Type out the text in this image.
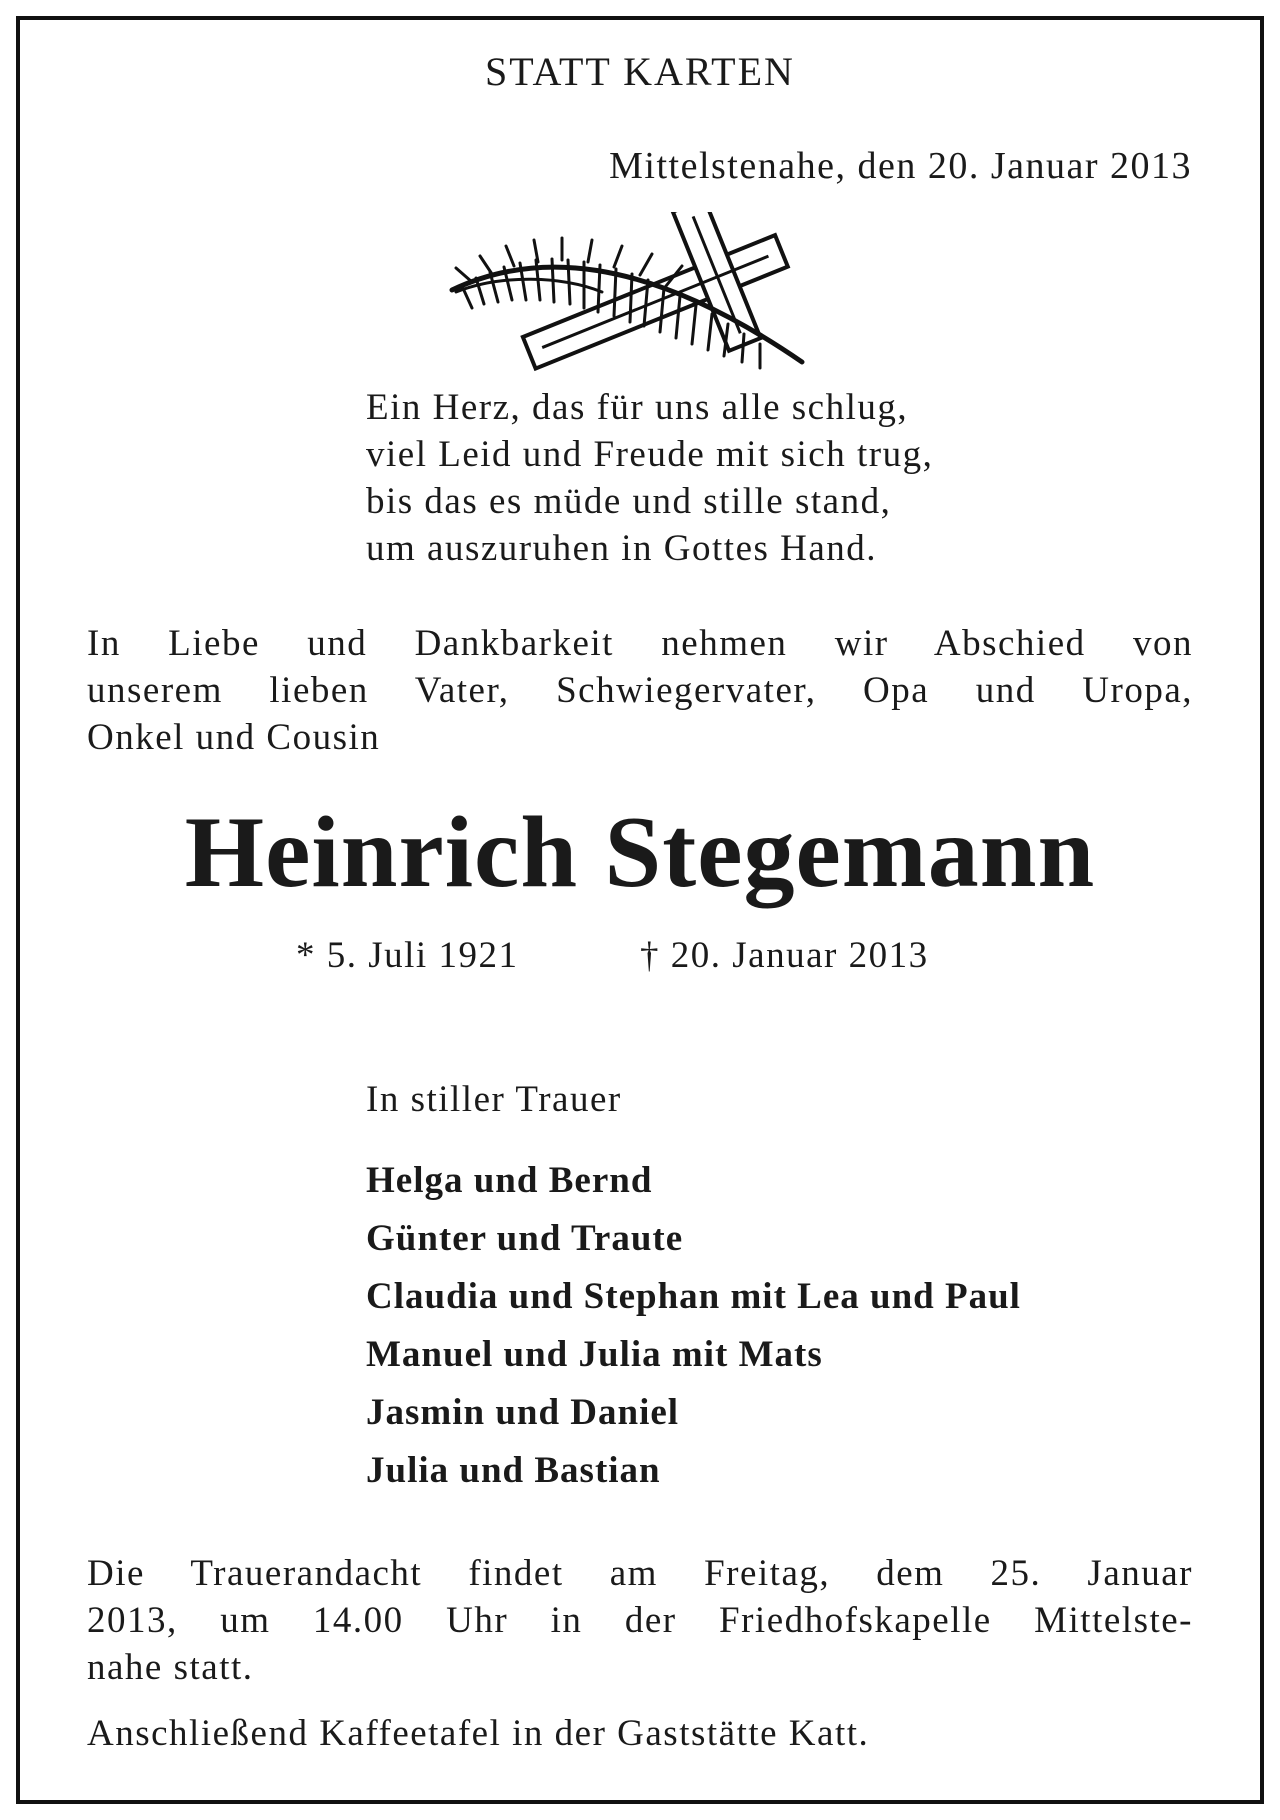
STATT KARTEN

Mittelstenahe, den 20. Januar 2013

Ein Herz, das für uns alle schlug,
viel Leid und Freude mit sich trug,
bis das es müde und stille stand,
um auszuruhen in Gottes Hand.
In Liebe und Dankbarkeit nehmen wir Abschied von
unserem lieben Vater, Schwiegervater, Opa und Uropa,
Onkel und Cousin
Heinrich Stegemann

* 5. Juli 1921	† 20. Januar 2013

In stiller Trauer

Helga und Bernd
Günter und Traute
Claudia und Stephan mit Lea und Paul
Manuel und Julia mit Mats
Jasmin und Daniel
Julia und Bastian
Die Trauerandacht findet am Freitag, dem 25. Januar
2013, um 14.00 Uhr in der Friedhofskapelle Mittelste-
nahe statt.

Anschließend Kaffeetafel in der Gaststätte Katt.
